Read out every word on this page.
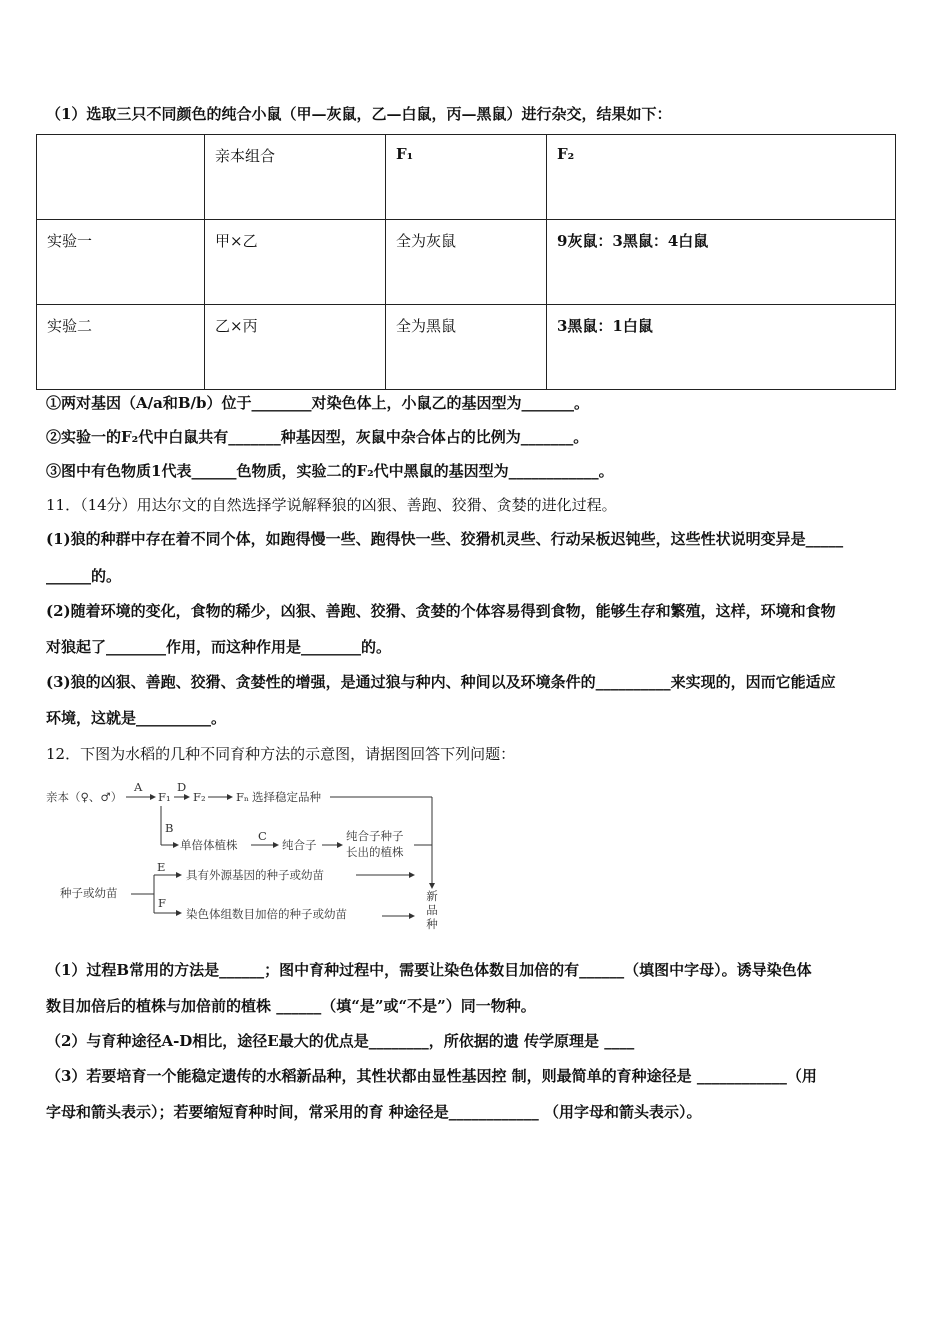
（1）选取三只不同颜色的纯合小鼠（甲—灰鼠，乙—白鼠，丙—黑鼠）进行杂交，结果如下：
	亲本组合	F₁	F₂
实验一	甲×乙	全为灰鼠	9灰鼠：3黑鼠：4白鼠
实验二	乙×丙	全为黑鼠	3黑鼠：1白鼠
①两对基因（A/a和B/b）位于________对染色体上，小鼠乙的基因型为_______。
②实验一的F₂代中白鼠共有_______种基因型，灰鼠中杂合体占的比例为_______。
③图中有色物质1代表______色物质，实验二的F₂代中黑鼠的基因型为____________。
11．（14分）用达尔文的自然选择学说解释狼的凶狠、善跑、狡猾、贪婪的进化过程。
(1)狼的种群中存在着不同个体，如跑得慢一些、跑得快一些、狡猾机灵些、行动呆板迟钝些，这些性状说明变异是_____
______的。
(2)随着环境的变化，食物的稀少，凶狠、善跑、狡猾、贪婪的个体容易得到食物，能够生存和繁殖，这样，环境和食物
对狼起了________作用，而这种作用是________的。
(3)狼的凶狠、善跑、狡猾、贪婪性的增强，是通过狼与种内、种间以及环境条件的__________来实现的，因而它能适应
环境，这就是__________。
12．下图为水稻的几种不同育种方法的示意图，请据图回答下列问题：
亲本（♀、♂）
A
F₁
D
F₂	Fₙ 选择稳定品种
B
单倍体植株
C
纯合子
纯合子种子
长出的植株
E
具有外源基因的种子或幼苗
种子或幼苗
F
染色体组数目加倍的种子或幼苗
新
品
种
（1）过程B常用的方法是______；图中育种过程中，需要让染色体数目加倍的有______（填图中字母）。诱导染色体
数目加倍后的植株与加倍前的植株 ______（填“是”或“不是”）同一物种。
（2）与育种途径A-D相比，途径E最大的优点是________，所依据的遗 传学原理是 ____
（3）若要培育一个能稳定遗传的水稻新品种，其性状都由显性基因控 制，则最简单的育种途径是 ____________（用
字母和箭头表示）；若要缩短育种时间，常采用的育 种途径是____________ （用字母和箭头表示）。
